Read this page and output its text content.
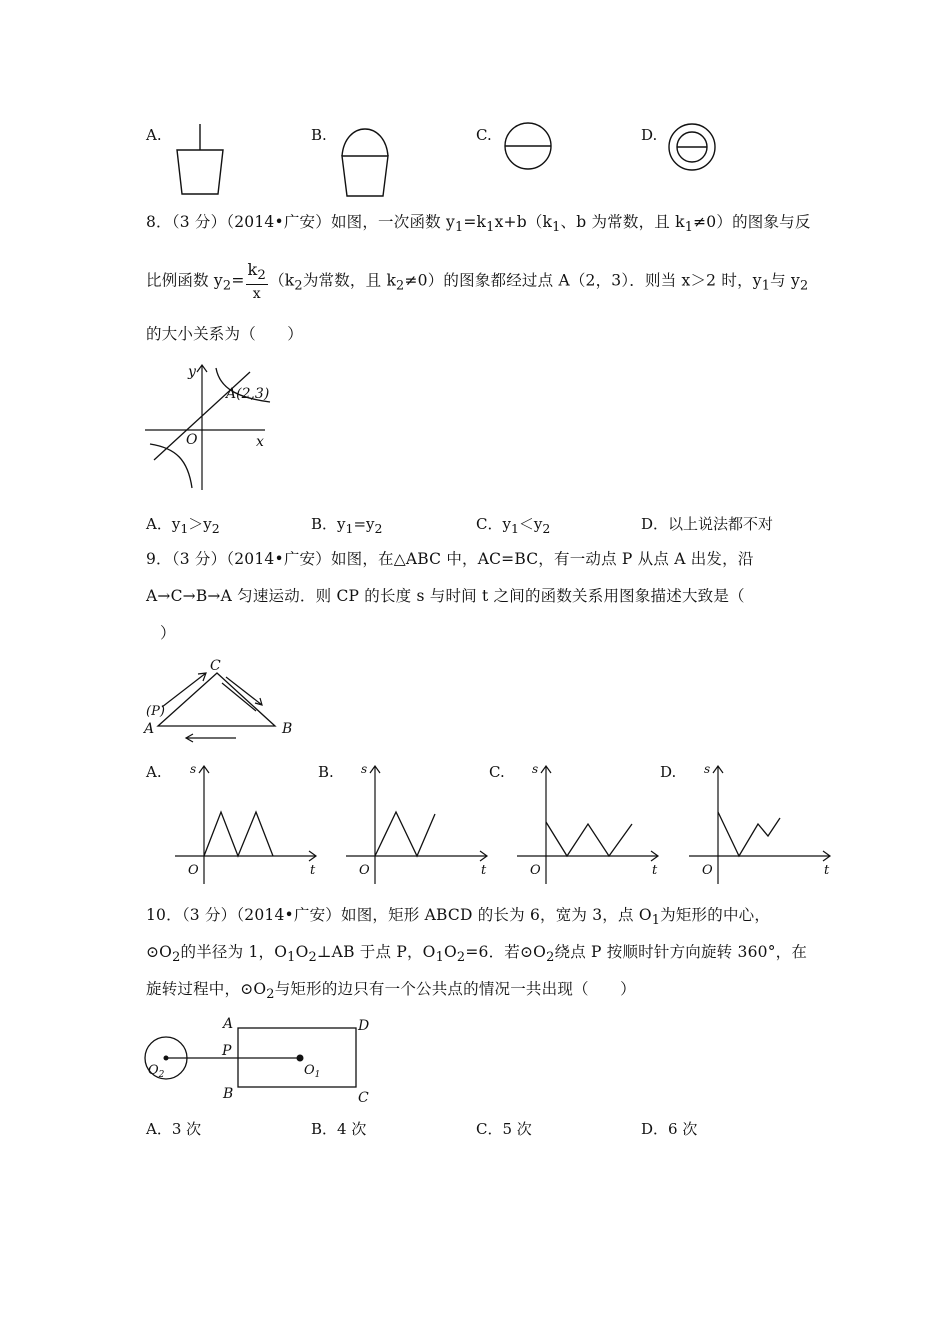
A.	B.	C.	D.
8．（3 分）（2014•广安）如图，一次函数 $y_1=k_1x+b(k_1$、b 为常数，且 $k_1\ne 0$）的图象与反
比例函数 $y_2= \frac{k_2}{x} (k_2$为常数，且 $k_2\ne 0$）的图象都经过点 A（2，3）．则当 x＞2 时，$y_1$与 $y_2$
的大小关系为（　　）
y
x
O
A(2,3)
A．$y_1>y_2$	B．$y_1=y_2$	C．$y_1<y_2$	D．以上说法都不对
9．（3 分）（2014•广安）如图，在△ABC 中，AC=BC，有一动点 P 从点 A 出发，沿
A→C→B→A 匀速运动．则 CP 的长度 s 与时间 t 之间的函数关系用图象描述大致是（
）
C
A	B
(P)
A.	B.	C.	D.
s
t
O
s
t
O
s
t
O
s
t
O
10．（3 分）（2014•广安）如图，矩形 ABCD 的长为 6，宽为 3，点 $O_1$为矩形的中心，
$⊙O_2$的半径为 1，$O_1O_2\perp AB$ 于点 P，$O_1O_2=6$．若$⊙O_2$绕点 P 按顺时针方向旋转 360°，在
旋转过程中，$⊙O_2$与矩形的边只有一个公共点的情况一共出现（　　）
A	D
P
B	C
$O_1$
$O_2$
A．3 次	B．4 次	C．5 次	D．6 次
